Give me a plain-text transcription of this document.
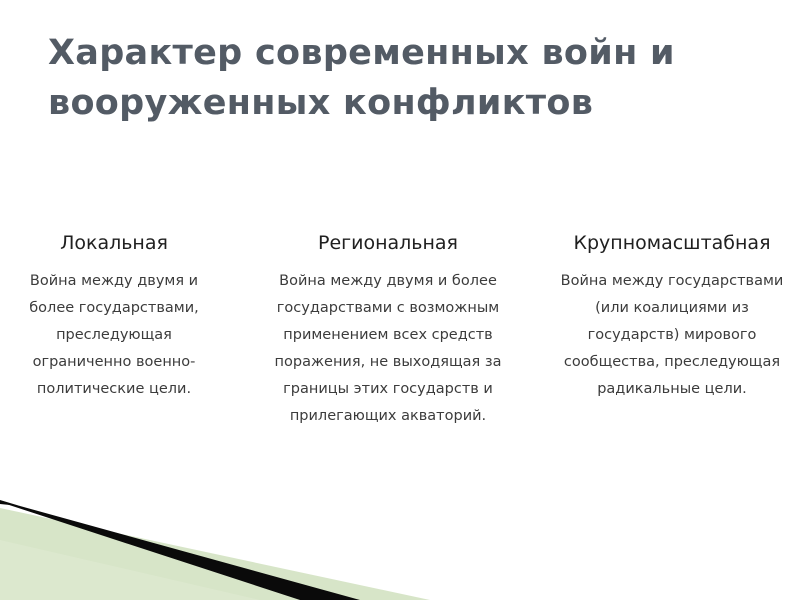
Характер современных войн и
вооруженных конфликтов
Локальная

Война между двумя и
более государствами,
преследующая
ограниченно военно-
политические цели.

Региональная

Война между двумя и более
государствами с возможным
применением всех средств
поражения, не выходящая за
границы этих государств и
прилегающих акваторий.

Крупномасштабная

Война между государствами
(или коалициями из
государств) мирового
сообщества, преследующая
радикальные цели.
